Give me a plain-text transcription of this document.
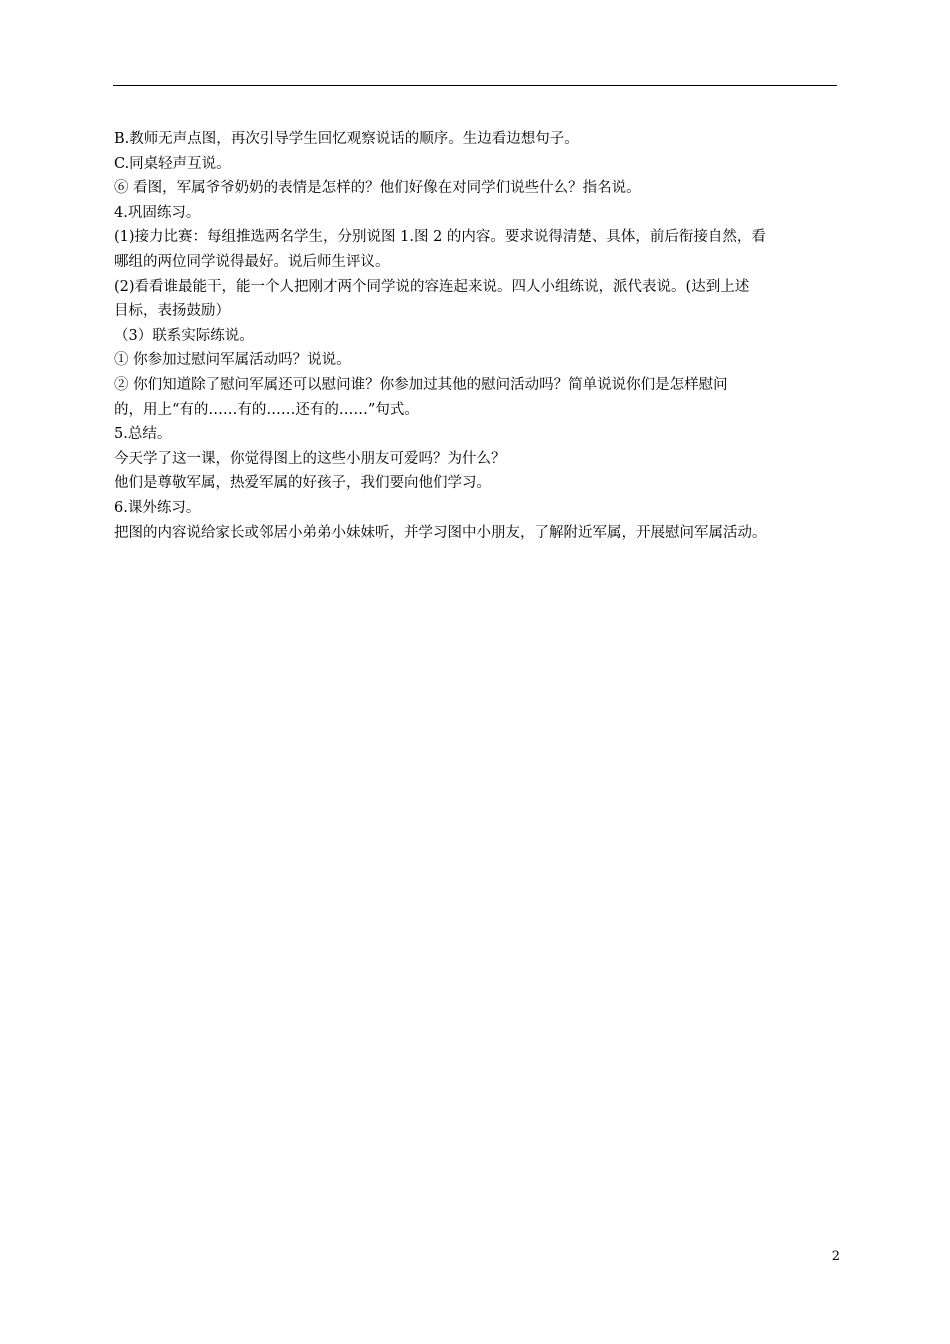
B.教师无声点图，再次引导学生回忆观察说话的顺序。生边看边想句子。
C.同桌轻声互说。
⑥ 看图，军属爷爷奶奶的表情是怎样的？他们好像在对同学们说些什么？指名说。
4.巩固练习。
(1)接力比赛：每组推选两名学生，分别说图 1.图 2 的内容。要求说得清楚、具体，前后衔接自然，看
哪组的两位同学说得最好。说后师生评议。
(2)看看谁最能干，能一个人把刚才两个同学说的容连起来说。四人小组练说，派代表说。(达到上述
目标，表扬鼓励）
（3）联系实际练说。
① 你参加过慰问军属活动吗？说说。
② 你们知道除了慰问军属还可以慰问谁？你参加过其他的慰问活动吗？简单说说你们是怎样慰问
的，用上“有的……有的……还有的……”句式。
5.总结。
今天学了这一课，你觉得图上的这些小朋友可爱吗？为什么？
他们是尊敬军属，热爱军属的好孩子，我们要向他们学习。
6.课外练习。
把图的内容说给家长或邻居小弟弟小妹妹听，并学习图中小朋友，了解附近军属，开展慰问军属活动。
2
